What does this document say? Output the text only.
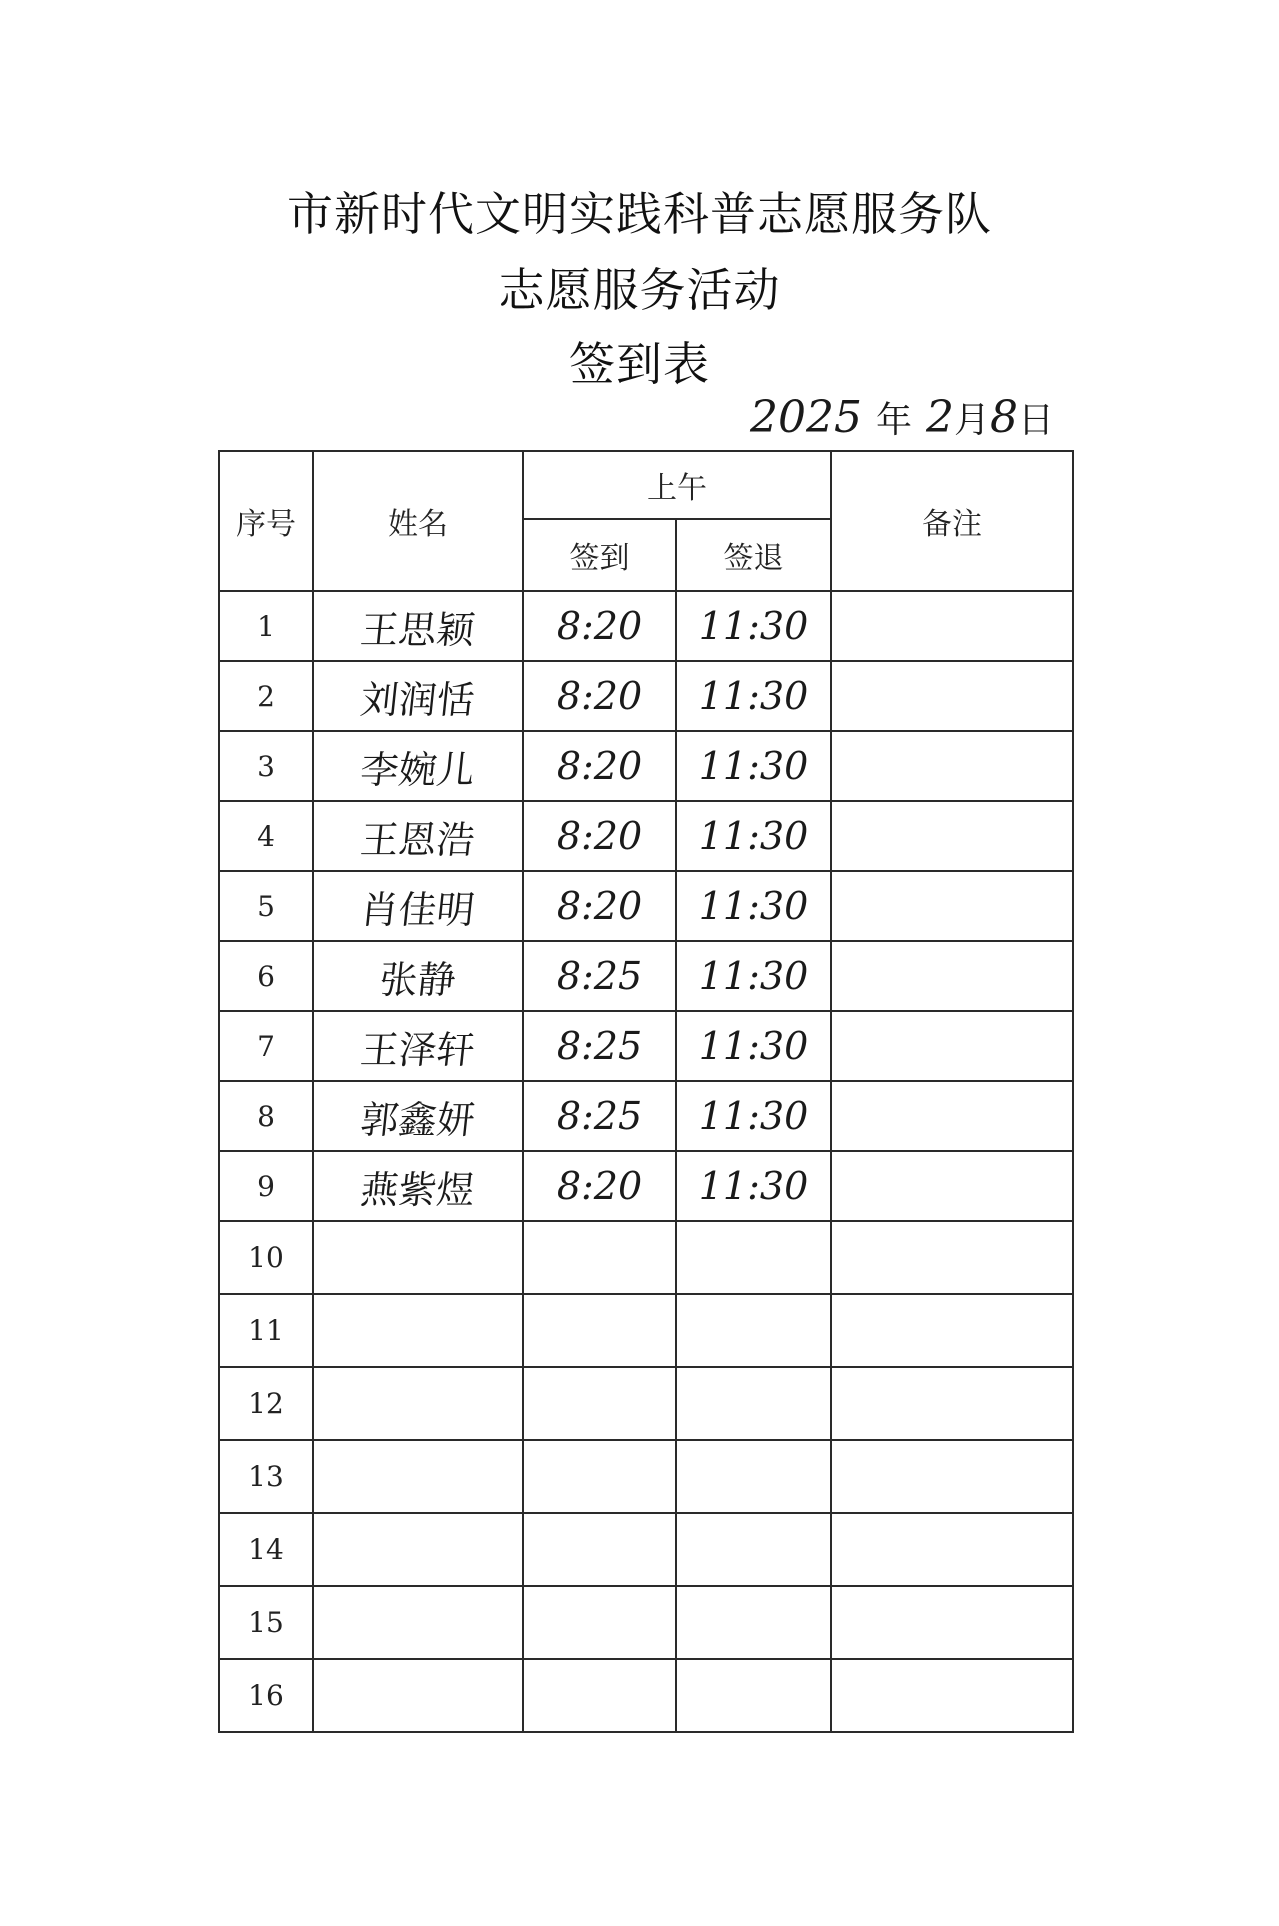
市新时代文明实践科普志愿服务队
志愿服务活动
签到表
2025 年 2月8日
序号	姓名	上午		备注
		签到	签退	
1	王思颖	8:20	11:30	
2	刘润恬	8:20	11:30	
3	李婉儿	8:20	11:30	
4	王恩浩	8:20	11:30	
5	肖佳明	8:20	11:30	
6	张静	8:25	11:30	
7	王泽轩	8:25	11:30	
8	郭鑫妍	8:25	11:30	
9	燕紫煜	8:20	11:30	
10				
11				
12				
13				
14				
15				
16				
